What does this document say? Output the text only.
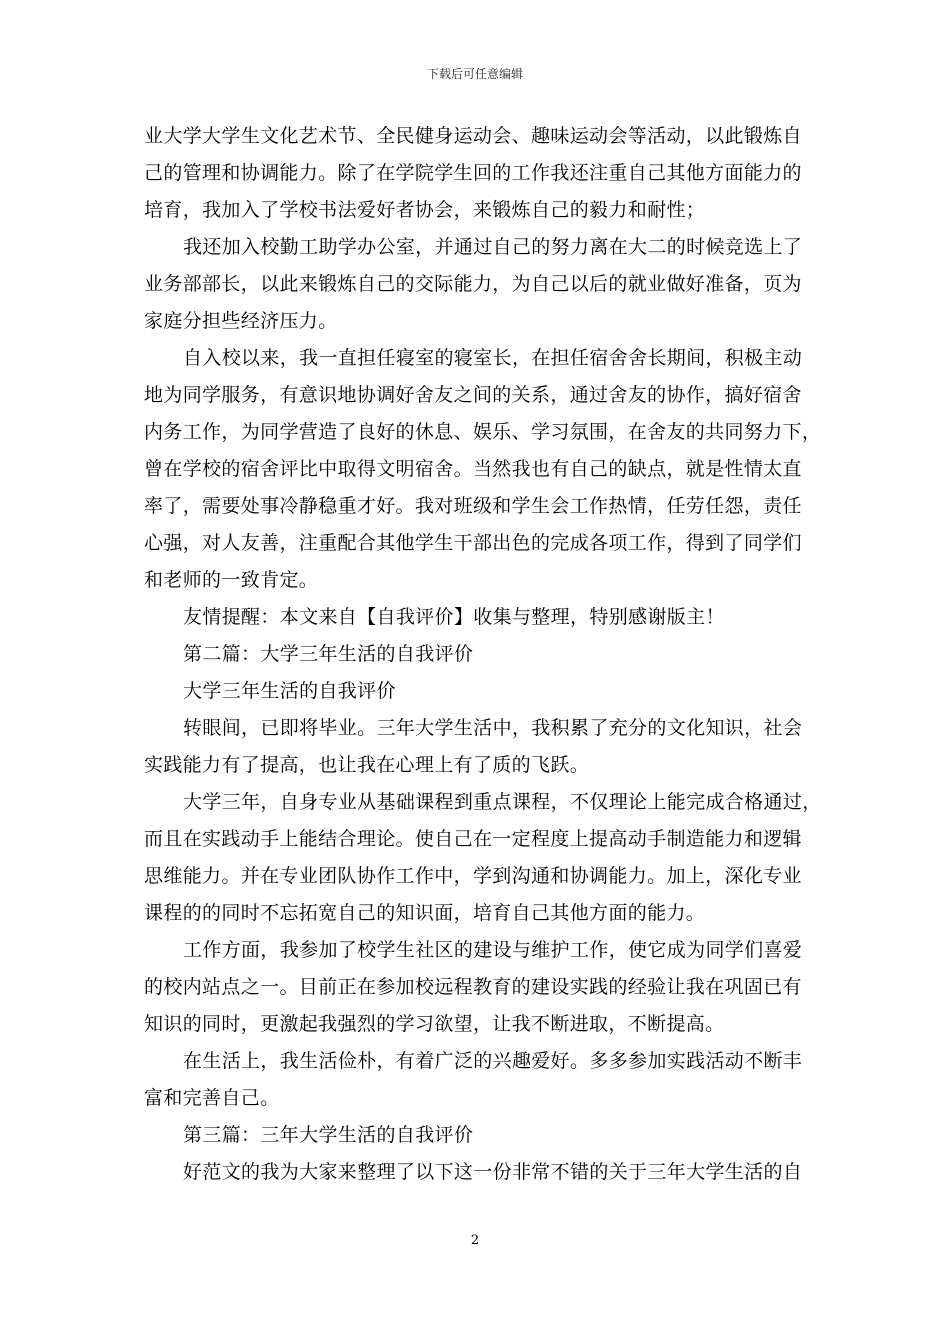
下载后可任意编辑
业大学大学生文化艺术节、全民健身运动会、趣味运动会等活动，以此锻炼自
己的管理和协调能力。除了在学院学生回的工作我还注重自己其他方面能力的
培育，我加入了学校书法爱好者协会，来锻炼自己的毅力和耐性；
我还加入校勤工助学办公室，并通过自己的努力离在大二的时候竞选上了
业务部部长，以此来锻炼自己的交际能力，为自己以后的就业做好准备，页为
家庭分担些经济压力。
自入校以来，我一直担任寝室的寝室长，在担任宿舍舍长期间，积极主动
地为同学服务，有意识地协调好舍友之间的关系，通过舍友的协作，搞好宿舍
内务工作，为同学营造了良好的休息、娱乐、学习氛围，在舍友的共同努力下，
曾在学校的宿舍评比中取得文明宿舍。当然我也有自己的缺点，就是性情太直
率了，需要处事冷静稳重才好。我对班级和学生会工作热情，任劳任怨，责任
心强，对人友善，注重配合其他学生干部出色的完成各项工作，得到了同学们
和老师的一致肯定。
友情提醒：本文来自【自我评价】收集与整理，特别感谢版主！
第二篇：大学三年生活的自我评价
大学三年生活的自我评价
转眼间，已即将毕业。三年大学生活中，我积累了充分的文化知识，社会
实践能力有了提高，也让我在心理上有了质的飞跃。
大学三年，自身专业从基础课程到重点课程，不仅理论上能完成合格通过，
而且在实践动手上能结合理论。使自己在一定程度上提高动手制造能力和逻辑
思维能力。并在专业团队协作工作中，学到沟通和协调能力。加上，深化专业
课程的的同时不忘拓宽自己的知识面，培育自己其他方面的能力。
工作方面，我参加了校学生社区的建设与维护工作，使它成为同学们喜爱
的校内站点之一。目前正在参加校远程教育的建设实践的经验让我在巩固已有
知识的同时，更激起我强烈的学习欲望，让我不断进取，不断提高。
在生活上，我生活俭朴，有着广泛的兴趣爱好。多多参加实践活动不断丰
富和完善自己。
第三篇：三年大学生活的自我评价
好范文的我为大家来整理了以下这一份非常不错的关于三年大学生活的自
2
